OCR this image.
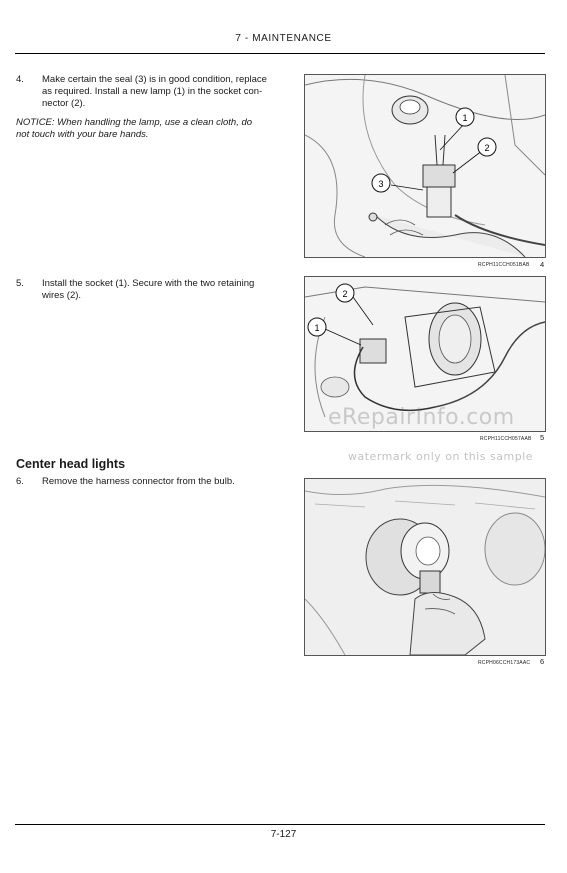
7 - MAINTENANCE
4. Make certain the seal (3) is in good condition, replace
as required. Install a new lamp (1) in the socket con-
nector (2).
NOTICE: When handling the lamp, use a clean cloth, do
not touch with your bare hands.
1
2
3
RCPH11CCH051BAB 4
5. Install the socket (1). Secure with the two retaining
wires (2).	2
1
RCPH11CCH057AAB 5
eRepairInfo.com
watermark only on this sample
Center head lights
6. Remove the harness connector from the bulb.
RCPH06CCH173AAC 6
7-127
